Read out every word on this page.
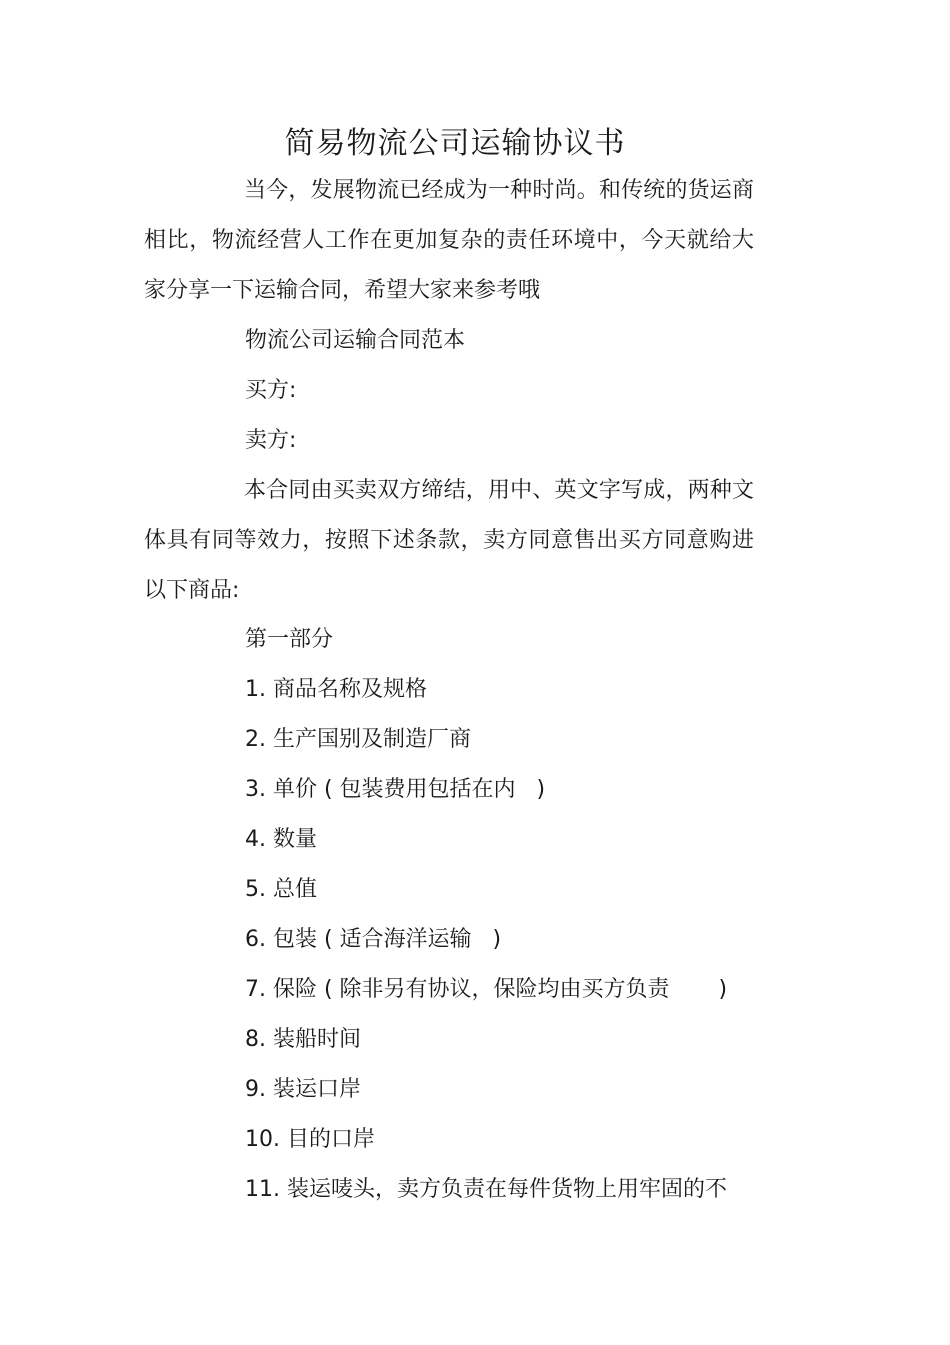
简易物流公司运输协议书
当今，发展物流已经成为一种时尚。和传统的货运商相比，物流经营人工作在更加复杂的责任环境中，今天就给大家分享一下运输合同，希望大家来参考哦
物流公司运输合同范本
买方:
卖方:
本合同由买卖双方缔结，用中、英文字写成，两种文体具有同等效力，按照下述条款，卖方同意售出买方同意购进以下商品:
第一部分
1. 商品名称及规格
2. 生产国别及制造厂商
3. 单价 ( 包装费用包括在内   )
4. 数量
5. 总值
6. 包装 ( 适合海洋运输   )
7. 保险 ( 除非另有协议，保险均由买方负责       )
8. 装船时间
9. 装运口岸
10. 目的口岸
11. 装运唛头，卖方负责在每件货物上用牢固的不
